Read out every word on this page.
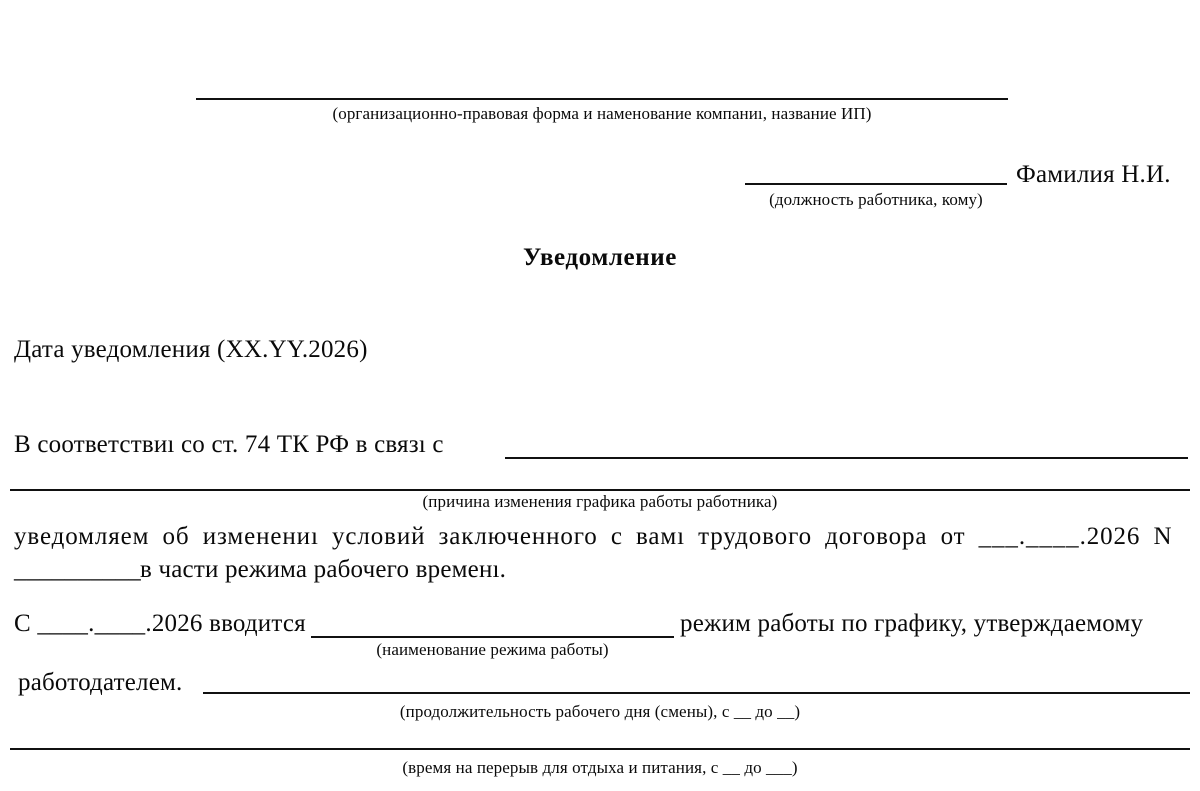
(организационно-правовая форма и наменование компаниı, название ИП)
Фамилия Н.И.
(должность работника, кому)
Уведомление
Дата уведомления (XX.YY.2026)
В соответствиı со ст. 74 ТК РФ в связı с
(причина изменения графика работы работника)
уведомляем об изменениı условий заключенного с вамı трудового договора от ___.____.2026 N
__________ в части режима рабочего временı.
С ____.____.2026 вводится	режим работы по графику, утверждаемому
(наименование режима работы)
работодателем.
(продолжительность рабочего дня (смены), с __ до __)
(время на перерыв для отдыха и питания, с __ до ___)
